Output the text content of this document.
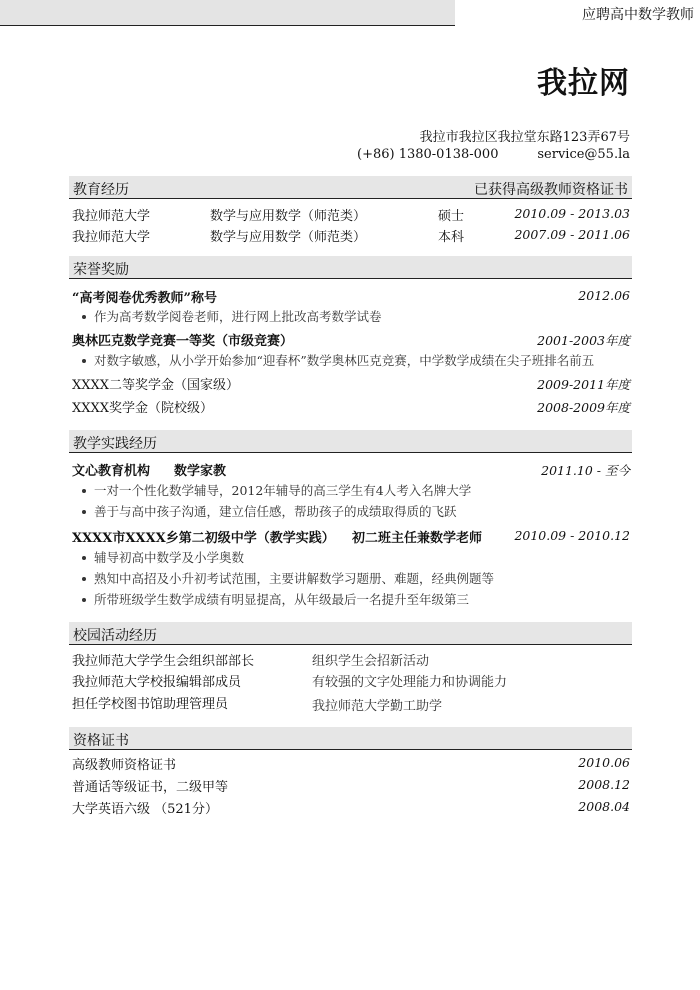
我拉网
应聘高中数学教师
我拉市我拉区我拉堂东路123弄67号
(+86) 1380-0138-000	service@55.la
教育经历	已获得高级教师资格证书
我拉师范大学	数学与应用数学（师范类）	硕士	2010.09 - 2013.03
我拉师范大学	数学与应用数学（师范类）	本科	2007.09 - 2011.06
荣誉奖励
“高考阅卷优秀教师”称号	2012.06
作为高考数学阅卷老师，进行网上批改高考数学试卷
奥林匹克数学竞赛一等奖（市级竞赛）	2001-2003年度
对数字敏感，从小学开始参加“迎春杯”数学奥林匹克竞赛，中学数学成绩在尖子班排名前五
XXXX二等奖学金（国家级）	2009-2011年度
XXXX奖学金（院校级）	2008-2009年度
教学实践经历
文心教育机构 数学家教	2011.10 - 至今
一对一个性化数学辅导，2012年辅导的高三学生有4人考入名牌大学
善于与高中孩子沟通，建立信任感，帮助孩子的成绩取得质的飞跃
XXXX市XXXX乡第二初级中学（教学实践） 初二班主任兼数学老师	2010.09 - 2010.12
辅导初高中数学及小学奥数
熟知中高招及小升初考试范围，主要讲解数学习题册、难题，经典例题等
所带班级学生数学成绩有明显提高，从年级最后一名提升至年级第三
校园活动经历
我拉师范大学学生会组织部部长	组织学生会招新活动
我拉师范大学校报编辑部成员	有较强的文字处理能力和协调能力
担任学校图书馆助理管理员	我拉师范大学勤工助学
资格证书
高级教师资格证书	2010.06
普通话等级证书，二级甲等	2008.12
大学英语六级 （521分）	2008.04
